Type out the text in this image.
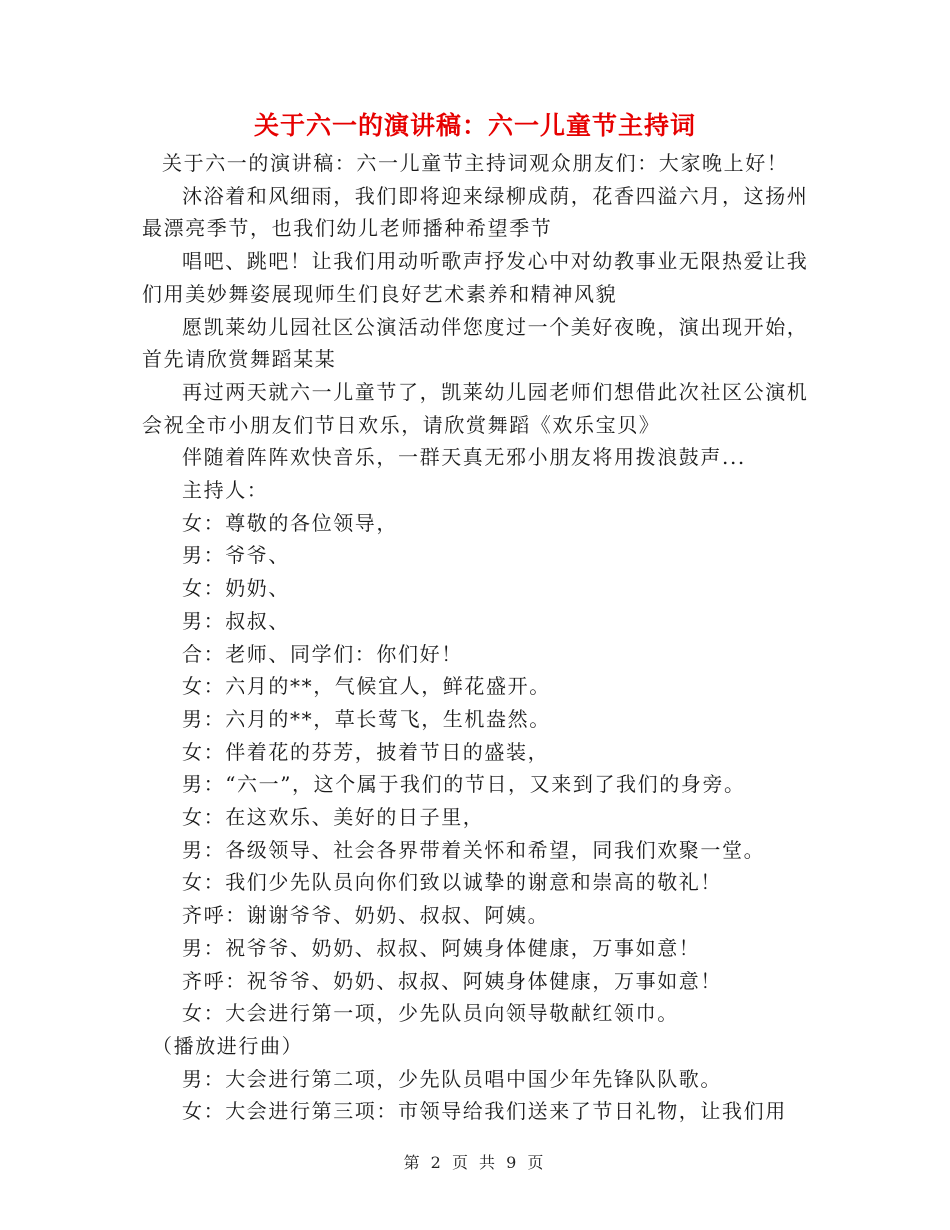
关于六一的演讲稿：六一儿童节主持词

关于六一的演讲稿：六一儿童节主持词观众朋友们：大家晚上好！

沐浴着和风细雨，我们即将迎来绿柳成荫，花香四溢六月，这扬州最漂亮季节，也我们幼儿老师播种希望季节

唱吧、跳吧！让我们用动听歌声抒发心中对幼教事业无限热爱让我们用美妙舞姿展现师生们良好艺术素养和精神风貌

愿凯莱幼儿园社区公演活动伴您度过一个美好夜晚，演出现开始，首先请欣赏舞蹈某某

再过两天就六一儿童节了，凯莱幼儿园老师们想借此次社区公演机会祝全市小朋友们节日欢乐，请欣赏舞蹈《欢乐宝贝》

伴随着阵阵欢快音乐，一群天真无邪小朋友将用拨浪鼓声...

主持人：

女：尊敬的各位领导，

男：爷爷、

女：奶奶、

男：叔叔、

合：老师、同学们：你们好！

女：六月的**，气候宜人，鲜花盛开。

男：六月的**，草长莺飞，生机盎然。

女：伴着花的芬芳，披着节日的盛装，

男：“六一”，这个属于我们的节日，又来到了我们的身旁。

女：在这欢乐、美好的日子里，

男：各级领导、社会各界带着关怀和希望，同我们欢聚一堂。

女：我们少先队员向你们致以诚挚的谢意和崇高的敬礼！

齐呼：谢谢爷爷、奶奶、叔叔、阿姨。

男：祝爷爷、奶奶、叔叔、阿姨身体健康，万事如意！

齐呼：祝爷爷、奶奶、叔叔、阿姨身体健康，万事如意！

女：大会进行第一项，少先队员向领导敬献红领巾。

（播放进行曲）

男：大会进行第二项，少先队员唱中国少年先锋队队歌。

女：大会进行第三项：市领导给我们送来了节日礼物，让我们用

第 2 页 共 9 页
